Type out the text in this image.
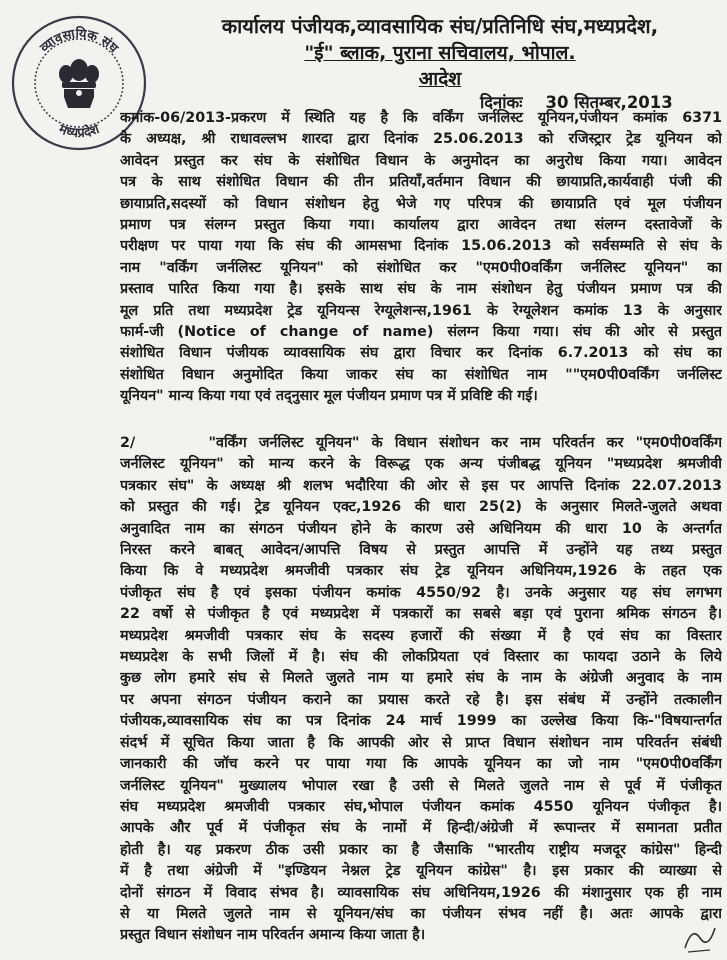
व्यावसायिक संघ
मध्यप्रदेश
कार्यालय पंजीयक,व्यावसायिक संघ/प्रतिनिधि संघ,मध्यप्रदेश,
"ई" ब्लाक, पुराना सचिवालय, भोपाल.
आदेश
दिनांकः 30 सितम्बर,2013
कमांक-06/2013-प्रकरण में स्थिति यह है कि वर्किंग जर्नलिस्ट यूनियन,पंजीयन कमांक 6371
के अध्यक्ष, श्री राधावल्लभ शारदा द्वारा दिनांक 25.06.2013 को रजिस्ट्रार ट्रेड यूनियन को
आवेदन प्रस्तुत कर संघ के संशोधित विधान के अनुमोदन का अनुरोध किया गया। आवेदन
पत्र के साथ संशोधित विधान की तीन प्रतियाँ,वर्तमान विधान की छायाप्रति,कार्यवाही पंजी की
छायाप्रति,सदस्यों को विधान संशोधन हेतु भेजे गए परिपत्र की छायाप्रति एवं मूल पंजीयन
प्रमाण पत्र संलग्न प्रस्तुत किया गया। कार्यालय द्वारा आवेदन तथा संलग्न दस्तावेजों के
परीक्षण पर पाया गया कि संघ की आमसभा दिनांक 15.06.2013 को सर्वसम्मति से संघ के
नाम "वर्किंग जर्नलिस्ट यूनियन" को संशोधित कर "एम0पी0वर्किंग जर्नलिस्ट यूनियन" का
प्रस्ताव पारित किया गया है। इसके साथ संघ के नाम संशोधन हेतु पंजीयन प्रमाण पत्र की
मूल प्रति तथा मध्यप्रदेश ट्रेड यूनियन्स रेग्यूलेशन्स,1961 के रेग्यूलेशन कमांक 13 के अनुसार
फार्म-जी (Notice of change of name) संलग्न किया गया। संघ की ओर से प्रस्तुत
संशोधित विधान पंजीयक व्यावसायिक संघ द्वारा विचार कर दिनांक 6.7.2013 को संघ का
संशोधित विधान अनुमोदित किया जाकर संघ का संशोधित नाम ""एम0पी0वर्किंग जर्नलिस्ट
यूनियन" मान्य किया गया एवं तद्नुसार मूल पंजीयन प्रमाण पत्र में प्रविष्टि की गई।
2/	"वर्किंग जर्नलिस्ट यूनियन" के विधान संशोधन कर नाम परिवर्तन कर "एम0पी0वर्किंग
जर्नलिस्ट यूनियन" को मान्य करने के विरूद्ध एक अन्य पंजीबद्ध यूनियन "मध्यप्रदेश श्रमजीवी
पत्रकार संघ" के अध्यक्ष श्री शलभ भदौरिया की ओर से इस पर आपत्ति दिनांक 22.07.2013
को प्रस्तुत की गई। ट्रेड यूनियन एक्ट,1926 की धारा 25(2) के अनुसार मिलते-जुलते अथवा
अनुवादित नाम का संगठन पंजीयन होने के कारण उसे अधिनियम की धारा 10 के अन्तर्गत
निरस्त करने बाबत् आवेदन/आपत्ति विषय से प्रस्तुत आपत्ति में उन्होंने यह तथ्य प्रस्तुत
किया कि वे मध्यप्रदेश श्रमजीवी पत्रकार संघ ट्रेड यूनियन अधिनियम,1926 के तहत एक
पंजीकृत संघ है एवं इसका पंजीयन कमांक 4550/92 है। उनके अनुसार यह संघ लगभग
22 वर्षो से पंजीकृत है एवं मध्यप्रदेश में पत्रकारों का सबसे बड़ा एवं पुराना श्रमिक संगठन है।
मध्यप्रदेश श्रमजीवी पत्रकार संघ के सदस्य हजारों की संख्या में है एवं संघ का विस्तार
मध्यप्रदेश के सभी जिलों में है। संघ की लोकप्रियता एवं विस्तार का फायदा उठाने के लिये
कुछ लोग हमारे संघ से मिलते जुलते नाम या हमारे संघ के नाम के अंग्रेजी अनुवाद के नाम
पर अपना संगठन पंजीयन कराने का प्रयास करते रहे है। इस संबंध में उन्होंने तत्कालीन
पंजीयक,व्यावसायिक संघ का पत्र दिनांक 24 मार्च 1999 का उल्लेख किया कि-"विषयान्तर्गत
संदर्भ में सूचित किया जाता है कि आपकी ओर से प्राप्त विधान संशोधन नाम परिवर्तन संबंधी
जानकारी की जॉच करने पर पाया गया कि आपके यूनियन का जो नाम "एम0पी0वर्किंग
जर्नलिस्ट यूनियन" मुख्यालय भोपाल रखा है उसी से मिलते जुलते नाम से पूर्व में पंजीकृत
संघ मध्यप्रदेश श्रमजीवी पत्रकार संघ,भोपाल पंजीयन कमांक 4550 यूनियन पंजीकृत है।
आपके और पूर्व में पंजीकृत संघ के नामों में हिन्दी/अंग्रेजी में रूपान्तर में समानता प्रतीत
होती है। यह प्रकरण ठीक उसी प्रकार का है जैसाकि "भारतीय राष्ट्रीय मजदूर कांग्रेस" हिन्दी
में है तथा अंग्रेजी में "इण्डियन नेश्नल ट्रेड यूनियन कांग्रेस" है। इस प्रकार की व्याख्या से
दोनों संगठन में विवाद संभव है। व्यावसायिक संघ अधिनियम,1926 की मंशानुसार एक ही नाम
से या मिलते जुलते नाम से यूनियन/संघ का पंजीयन संभव नहीं है। अतः आपके द्वारा
प्रस्तुत विधान संशोधन नाम परिवर्तन अमान्य किया जाता है।
